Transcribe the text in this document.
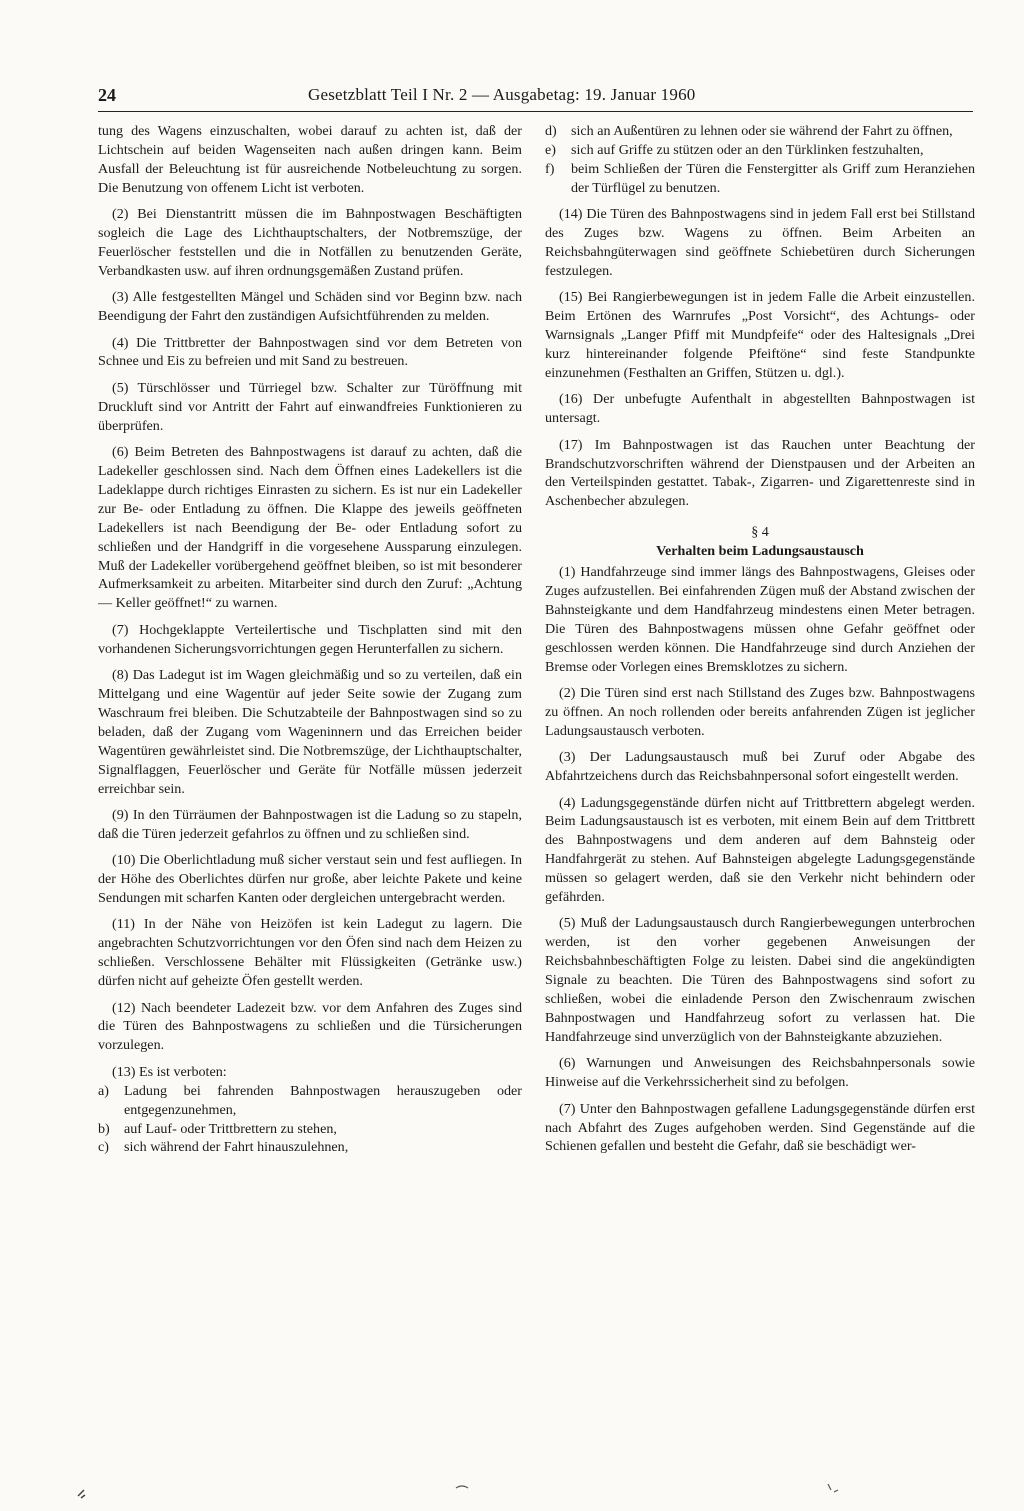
24	Gesetzblatt Teil I Nr. 2 — Ausgabetag: 19. Januar 1960

tung des Wagens einzuschalten, wobei darauf zu achten ist, daß der Lichtschein auf beiden Wagenseiten nach außen dringen kann. Beim Ausfall der Beleuchtung ist für ausreichende Notbeleuchtung zu sorgen. Die Benutzung von offenem Licht ist verboten.

(2) Bei Dienstantritt müssen die im Bahnpostwagen Beschäftigten sogleich die Lage des Lichthauptschalters, der Notbremszüge, der Feuerlöscher feststellen und die in Notfällen zu benutzenden Geräte, Verbandkasten usw. auf ihren ordnungsgemäßen Zustand prüfen.

(3) Alle festgestellten Mängel und Schäden sind vor Beginn bzw. nach Beendigung der Fahrt den zuständigen Aufsichtführenden zu melden.

(4) Die Trittbretter der Bahnpostwagen sind vor dem Betreten von Schnee und Eis zu befreien und mit Sand zu bestreuen.

(5) Türschlösser und Türriegel bzw. Schalter zur Türöffnung mit Druckluft sind vor Antritt der Fahrt auf einwandfreies Funktionieren zu überprüfen.

(6) Beim Betreten des Bahnpostwagens ist darauf zu achten, daß die Ladekeller geschlossen sind. Nach dem Öffnen eines Ladekellers ist die Ladeklappe durch richtiges Einrasten zu sichern. Es ist nur ein Ladekeller zur Be- oder Entladung zu öffnen. Die Klappe des jeweils geöffneten Ladekellers ist nach Beendigung der Be- oder Entladung sofort zu schließen und der Handgriff in die vorgesehene Aussparung einzulegen. Muß der Ladekeller vorübergehend geöffnet bleiben, so ist mit besonderer Aufmerksamkeit zu arbeiten. Mitarbeiter sind durch den Zuruf: „Achtung — Keller geöffnet!“ zu warnen.

(7) Hochgeklappte Verteilertische und Tischplatten sind mit den vorhandenen Sicherungsvorrichtungen gegen Herunterfallen zu sichern.

(8) Das Ladegut ist im Wagen gleichmäßig und so zu verteilen, daß ein Mittelgang und eine Wagentür auf jeder Seite sowie der Zugang zum Waschraum frei bleiben. Die Schutzabteile der Bahnpostwagen sind so zu beladen, daß der Zugang vom Wageninnern und das Erreichen beider Wagentüren gewährleistet sind. Die Notbremszüge, der Lichthauptschalter, Signalflaggen, Feuerlöscher und Geräte für Notfälle müssen jederzeit erreichbar sein.

(9) In den Türräumen der Bahnpostwagen ist die Ladung so zu stapeln, daß die Türen jederzeit gefahrlos zu öffnen und zu schließen sind.

(10) Die Oberlichtladung muß sicher verstaut sein und fest aufliegen. In der Höhe des Oberlichtes dürfen nur große, aber leichte Pakete und keine Sendungen mit scharfen Kanten oder dergleichen untergebracht werden.

(11) In der Nähe von Heizöfen ist kein Ladegut zu lagern. Die angebrachten Schutzvorrichtungen vor den Öfen sind nach dem Heizen zu schließen. Verschlossene Behälter mit Flüssigkeiten (Getränke usw.) dürfen nicht auf geheizte Öfen gestellt werden.

(12) Nach beendeter Ladezeit bzw. vor dem Anfahren des Zuges sind die Türen des Bahnpostwagens zu schließen und die Türsicherungen vorzulegen.

(13) Es ist verboten:

a)	Ladung bei fahrenden Bahnpostwagen herauszugeben oder entgegenzunehmen,
b)	auf Lauf- oder Trittbrettern zu stehen,
c)	sich während der Fahrt hinauszulehnen,
d)	sich an Außentüren zu lehnen oder sie während der Fahrt zu öffnen,
e)	sich auf Griffe zu stützen oder an den Türklinken festzuhalten,
f)	beim Schließen der Türen die Fenstergitter als Griff zum Heranziehen der Türflügel zu benutzen.

(14) Die Türen des Bahnpostwagens sind in jedem Fall erst bei Stillstand des Zuges bzw. Wagens zu öffnen. Beim Arbeiten an Reichsbahngüterwagen sind geöffnete Schiebetüren durch Sicherungen festzulegen.

(15) Bei Rangierbewegungen ist in jedem Falle die Arbeit einzustellen. Beim Ertönen des Warnrufes „Post Vorsicht“, des Achtungs- oder Warnsignals „Langer Pfiff mit Mundpfeife“ oder des Haltesignals „Drei kurz hintereinander folgende Pfeiftöne“ sind feste Standpunkte einzunehmen (Festhalten an Griffen, Stützen u. dgl.).

(16) Der unbefugte Aufenthalt in abgestellten Bahnpostwagen ist untersagt.

(17) Im Bahnpostwagen ist das Rauchen unter Beachtung der Brandschutzvorschriften während der Dienstpausen und der Arbeiten an den Verteilspinden gestattet. Tabak-, Zigarren- und Zigarettenreste sind in Aschenbecher abzulegen.

§ 4

Verhalten beim Ladungsaustausch

(1) Handfahrzeuge sind immer längs des Bahnpostwagens, Gleises oder Zuges aufzustellen. Bei einfahrenden Zügen muß der Abstand zwischen der Bahnsteigkante und dem Handfahrzeug mindestens einen Meter betragen. Die Türen des Bahnpostwagens müssen ohne Gefahr geöffnet oder geschlossen werden können. Die Handfahrzeuge sind durch Anziehen der Bremse oder Vorlegen eines Bremsklotzes zu sichern.

(2) Die Türen sind erst nach Stillstand des Zuges bzw. Bahnpostwagens zu öffnen. An noch rollenden oder bereits anfahrenden Zügen ist jeglicher Ladungsaustausch verboten.

(3) Der Ladungsaustausch muß bei Zuruf oder Abgabe des Abfahrtzeichens durch das Reichsbahnpersonal sofort eingestellt werden.

(4) Ladungsgegenstände dürfen nicht auf Trittbrettern abgelegt werden. Beim Ladungsaustausch ist es verboten, mit einem Bein auf dem Trittbrett des Bahnpostwagens und dem anderen auf dem Bahnsteig oder Handfahrgerät zu stehen. Auf Bahnsteigen abgelegte Ladungsgegenstände müssen so gelagert werden, daß sie den Verkehr nicht behindern oder gefährden.

(5) Muß der Ladungsaustausch durch Rangierbewegungen unterbrochen werden, ist den vorher gegebenen Anweisungen der Reichsbahnbeschäftigten Folge zu leisten. Dabei sind die angekündigten Signale zu beachten. Die Türen des Bahnpostwagens sind sofort zu schließen, wobei die einladende Person den Zwischenraum zwischen Bahnpostwagen und Handfahrzeug sofort zu verlassen hat. Die Handfahrzeuge sind unverzüglich von der Bahnsteigkante abzuziehen.

(6) Warnungen und Anweisungen des Reichsbahnpersonals sowie Hinweise auf die Verkehrssicherheit sind zu befolgen.

(7) Unter den Bahnpostwagen gefallene Ladungsgegenstände dürfen erst nach Abfahrt des Zuges aufgehoben werden. Sind Gegenstände auf die Schienen gefallen und besteht die Gefahr, daß sie beschädigt wer-
